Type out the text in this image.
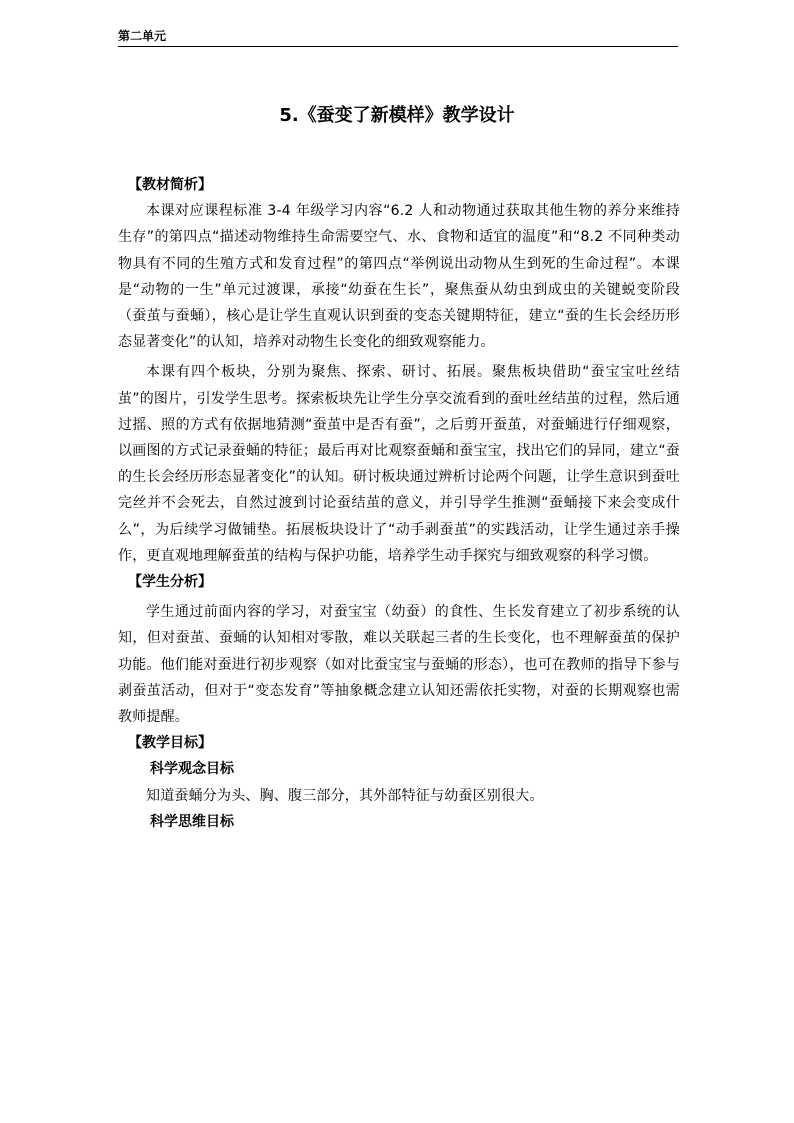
第二单元
5.《蚕变了新模样》教学设计
【教材简析】

本课对应课程标准 3-4 年级学习内容“6.2 人和动物通过获取其他生物的养分来维持生存”的第四点“描述动物维持生命需要空气、水、食物和适宜的温度”和“8.2 不同种类动物具有不同的生殖方式和发育过程”的第四点“举例说出动物从生到死的生命过程”。本课是“动物的一生”单元过渡课，承接“幼蚕在生长”，聚焦蚕从幼虫到成虫的关键蜕变阶段（蚕茧与蚕蛹），核心是让学生直观认识到蚕的变态关键期特征，建立“蚕的生长会经历形态显著变化”的认知，培养对动物生长变化的细致观察能力。

本课有四个板块，分别为聚焦、探索、研讨、拓展。聚焦板块借助“蚕宝宝吐丝结茧”的图片，引发学生思考。探索板块先让学生分享交流看到的蚕吐丝结茧的过程，然后通过摇、照的方式有依据地猜测“蚕茧中是否有蚕”，之后剪开蚕茧，对蚕蛹进行仔细观察，以画图的方式记录蚕蛹的特征；最后再对比观察蚕蛹和蚕宝宝，找出它们的异同，建立“蚕的生长会经历形态显著变化”的认知。研讨板块通过辨析讨论两个问题，让学生意识到蚕吐完丝并不会死去，自然过渡到讨论蚕结茧的意义，并引导学生推测“蚕蛹接下来会变成什么”，为后续学习做铺垫。拓展板块设计了“动手剥蚕茧”的实践活动，让学生通过亲手操作，更直观地理解蚕茧的结构与保护功能，培养学生动手探究与细致观察的科学习惯。

【学生分析】

学生通过前面内容的学习，对蚕宝宝（幼蚕）的食性、生长发育建立了初步系统的认知，但对蚕茧、蚕蛹的认知相对零散，难以关联起三者的生长变化，也不理解蚕茧的保护功能。他们能对蚕进行初步观察（如对比蚕宝宝与蚕蛹的形态），也可在教师的指导下参与剥蚕茧活动，但对于“变态发育”等抽象概念建立认知还需依托实物，对蚕的长期观察也需教师提醒。

【教学目标】
科学观念目标

知道蚕蛹分为头、胸、腹三部分，其外部特征与幼蚕区别很大。

科学思维目标
